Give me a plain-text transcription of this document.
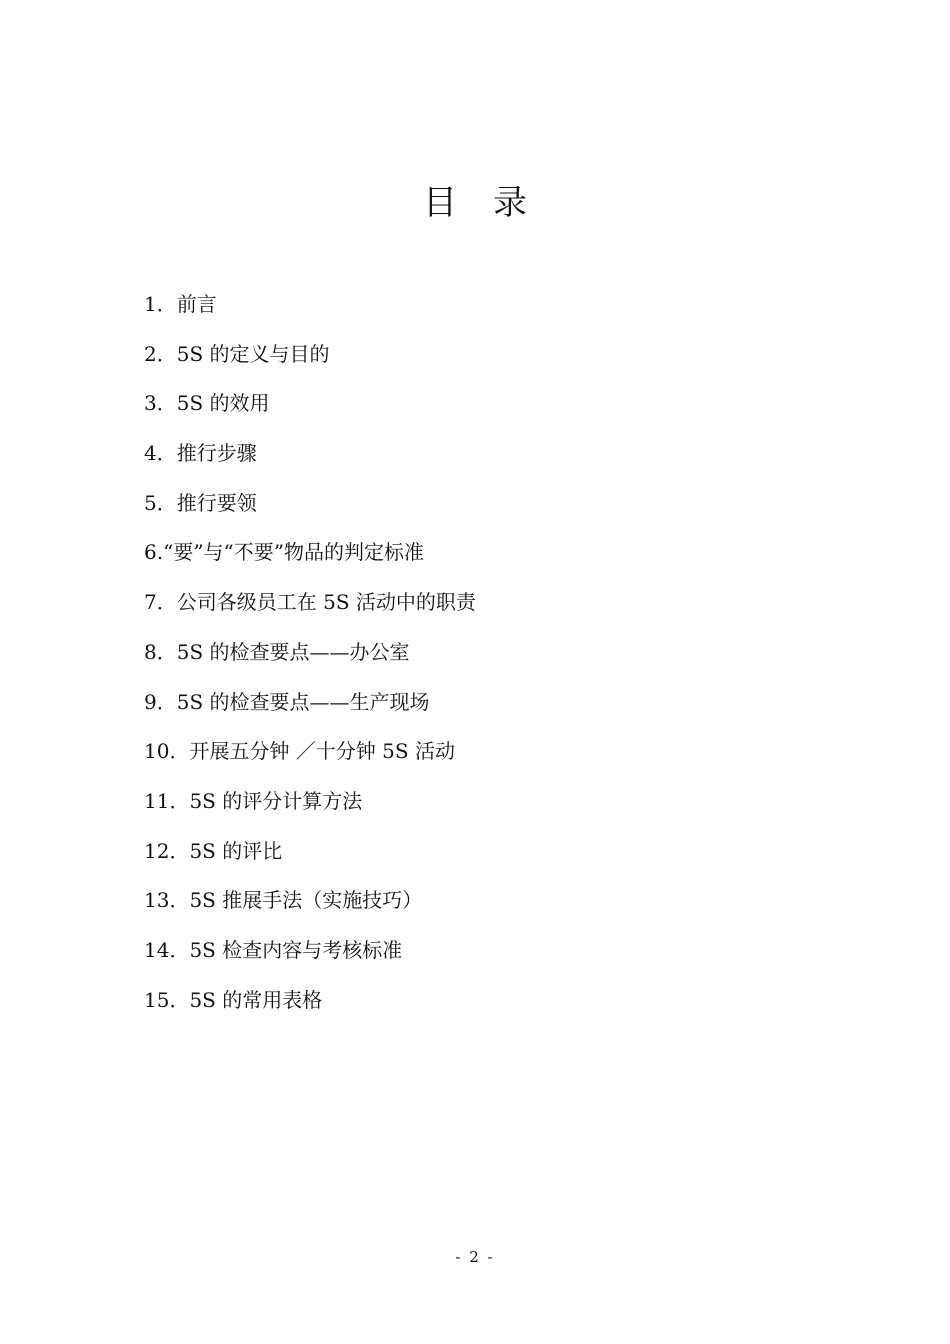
目录
1．前言
2．5S 的定义与目的
3．5S 的效用
4．推行步骤
5．推行要领
6.“要”与“不要”物品的判定标准
7．公司各级员工在 5S 活动中的职责
8．5S 的检查要点——办公室
9．5S 的检查要点——生产现场
10．开展五分钟 ／十分钟 5S 活动
11．5S 的评分计算方法
12．5S 的评比
13．5S 推展手法（实施技巧）
14．5S 检查内容与考核标准
15．5S 的常用表格
- 2 -
